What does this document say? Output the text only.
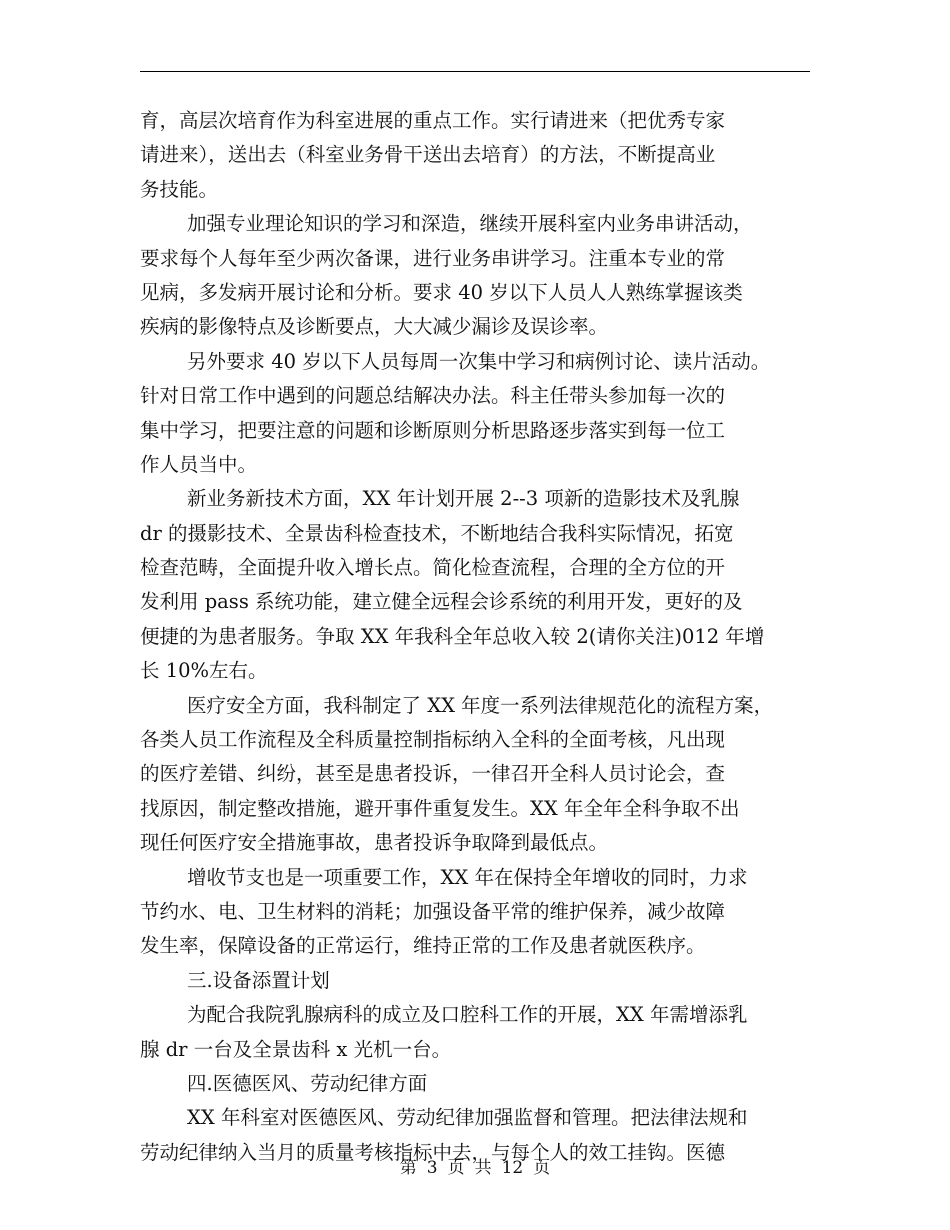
育，高层次培育作为科室进展的重点工作。实行请进来（把优秀专家
请进来），送出去（科室业务骨干送出去培育）的方法，不断提高业
务技能。
加强专业理论知识的学习和深造，继续开展科室内业务串讲活动，
要求每个人每年至少两次备课，进行业务串讲学习。注重本专业的常
见病，多发病开展讨论和分析。要求 40 岁以下人员人人熟练掌握该类
疾病的影像特点及诊断要点，大大减少漏诊及误诊率。
另外要求 40 岁以下人员每周一次集中学习和病例讨论、读片活动。
针对日常工作中遇到的问题总结解决办法。科主任带头参加每一次的
集中学习，把要注意的问题和诊断原则分析思路逐步落实到每一位工
作人员当中。
新业务新技术方面，XX 年计划开展 2--3 项新的造影技术及乳腺
dr 的摄影技术、全景齿科检查技术，不断地结合我科实际情况，拓宽
检查范畴，全面提升收入增长点。简化检查流程，合理的全方位的开
发利用 pass 系统功能，建立健全远程会诊系统的利用开发，更好的及
便捷的为患者服务。争取 XX 年我科全年总收入较 2(请你关注)012 年增
长 10%左右。
医疗安全方面，我科制定了 XX 年度一系列法律规范化的流程方案，
各类人员工作流程及全科质量控制指标纳入全科的全面考核，凡出现
的医疗差错、纠纷，甚至是患者投诉，一律召开全科人员讨论会，查
找原因，制定整改措施，避开事件重复发生。XX 年全年全科争取不出
现任何医疗安全措施事故，患者投诉争取降到最低点。
增收节支也是一项重要工作，XX 年在保持全年增收的同时，力求
节约水、电、卫生材料的消耗；加强设备平常的维护保养，减少故障
发生率，保障设备的正常运行，维持正常的工作及患者就医秩序。
三.设备添置计划
为配合我院乳腺病科的成立及口腔科工作的开展，XX 年需增添乳
腺 dr 一台及全景齿科 x 光机一台。
四.医德医风、劳动纪律方面
XX 年科室对医德医风、劳动纪律加强监督和管理。把法律法规和
劳动纪律纳入当月的质量考核指标中去，与每个人的效工挂钩。医德
第 3 页 共 12 页
